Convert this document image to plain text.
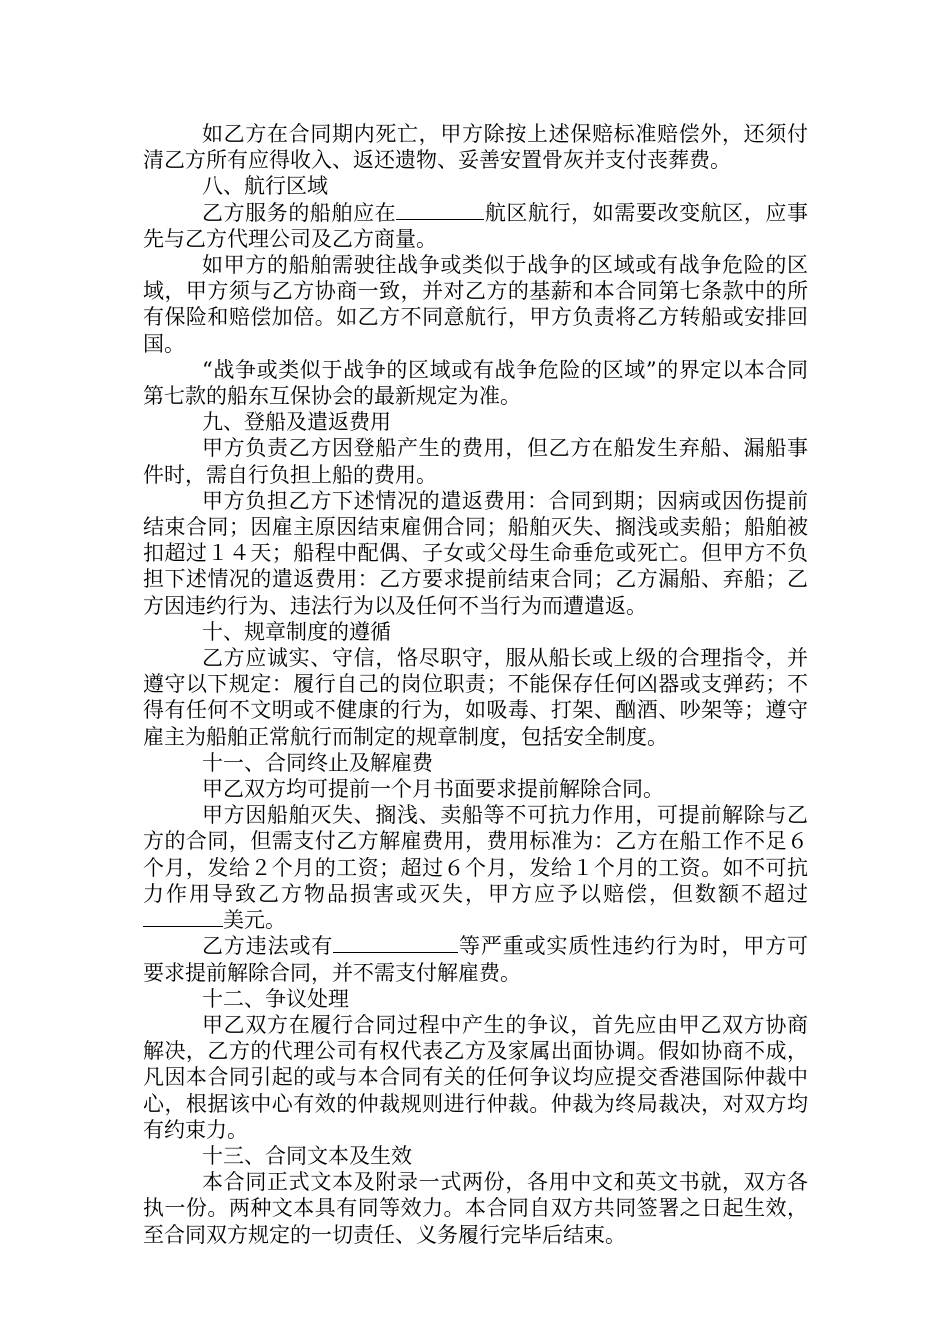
如乙方在合同期内死亡，甲方除按上述保赔标准赔偿外，还须付清乙方所有应得收入、返还遗物、妥善安置骨灰并支付丧葬费。

八、航行区域

乙方服务的船舶应在	航区航行，如需要改变航区，应事先与乙方代理公司及乙方商量。

如甲方的船舶需驶往战争或类似于战争的区域或有战争危险的区域，甲方须与乙方协商一致，并对乙方的基薪和本合同第七条款中的所有保险和赔偿加倍。如乙方不同意航行，甲方负责将乙方转船或安排回国。

“战争或类似于战争的区域或有战争危险的区域”的界定以本合同第七款的船东互保协会的最新规定为准。

九、登船及遣返费用

甲方负责乙方因登船产生的费用，但乙方在船发生弃船、漏船事件时，需自行负担上船的费用。

甲方负担乙方下述情况的遣返费用：合同到期；因病或因伤提前结束合同；因雇主原因结束雇佣合同；船舶灭失、搁浅或卖船；船舶被扣超过１４天；船程中配偶、子女或父母生命垂危或死亡。但甲方不负担下述情况的遣返费用：乙方要求提前结束合同；乙方漏船、弃船；乙方因违约行为、违法行为以及任何不当行为而遭遣返。

十、规章制度的遵循

乙方应诚实、守信，恪尽职守，服从船长或上级的合理指令，并遵守以下规定：履行自己的岗位职责；不能保存任何凶器或支弹药；不得有任何不文明或不健康的行为，如吸毒、打架、酗酒、吵架等；遵守雇主为船舶正常航行而制定的规章制度，包括安全制度。

十一、合同终止及解雇费

甲乙双方均可提前一个月书面要求提前解除合同。

甲方因船舶灭失、搁浅、卖船等不可抗力作用，可提前解除与乙方的合同，但需支付乙方解雇费用，费用标准为：乙方在船工作不足６个月，发给２个月的工资；超过６个月，发给１个月的工资。如不可抗力作用导致乙方物品损害或灭失，甲方应予以赔偿，但数额不超过美元。

乙方违法或有	等严重或实质性违约行为时，甲方可要求提前解除合同，并不需支付解雇费。

十二、争议处理

甲乙双方在履行合同过程中产生的争议，首先应由甲乙双方协商解决，乙方的代理公司有权代表乙方及家属出面协调。假如协商不成，凡因本合同引起的或与本合同有关的任何争议均应提交香港国际仲裁中心，根据该中心有效的仲裁规则进行仲裁。仲裁为终局裁决，对双方均有约束力。

十三、合同文本及生效

本合同正式文本及附录一式两份，各用中文和英文书就，双方各执一份。两种文本具有同等效力。本合同自双方共同签署之日起生效，至合同双方规定的一切责任、义务履行完毕后结束。
